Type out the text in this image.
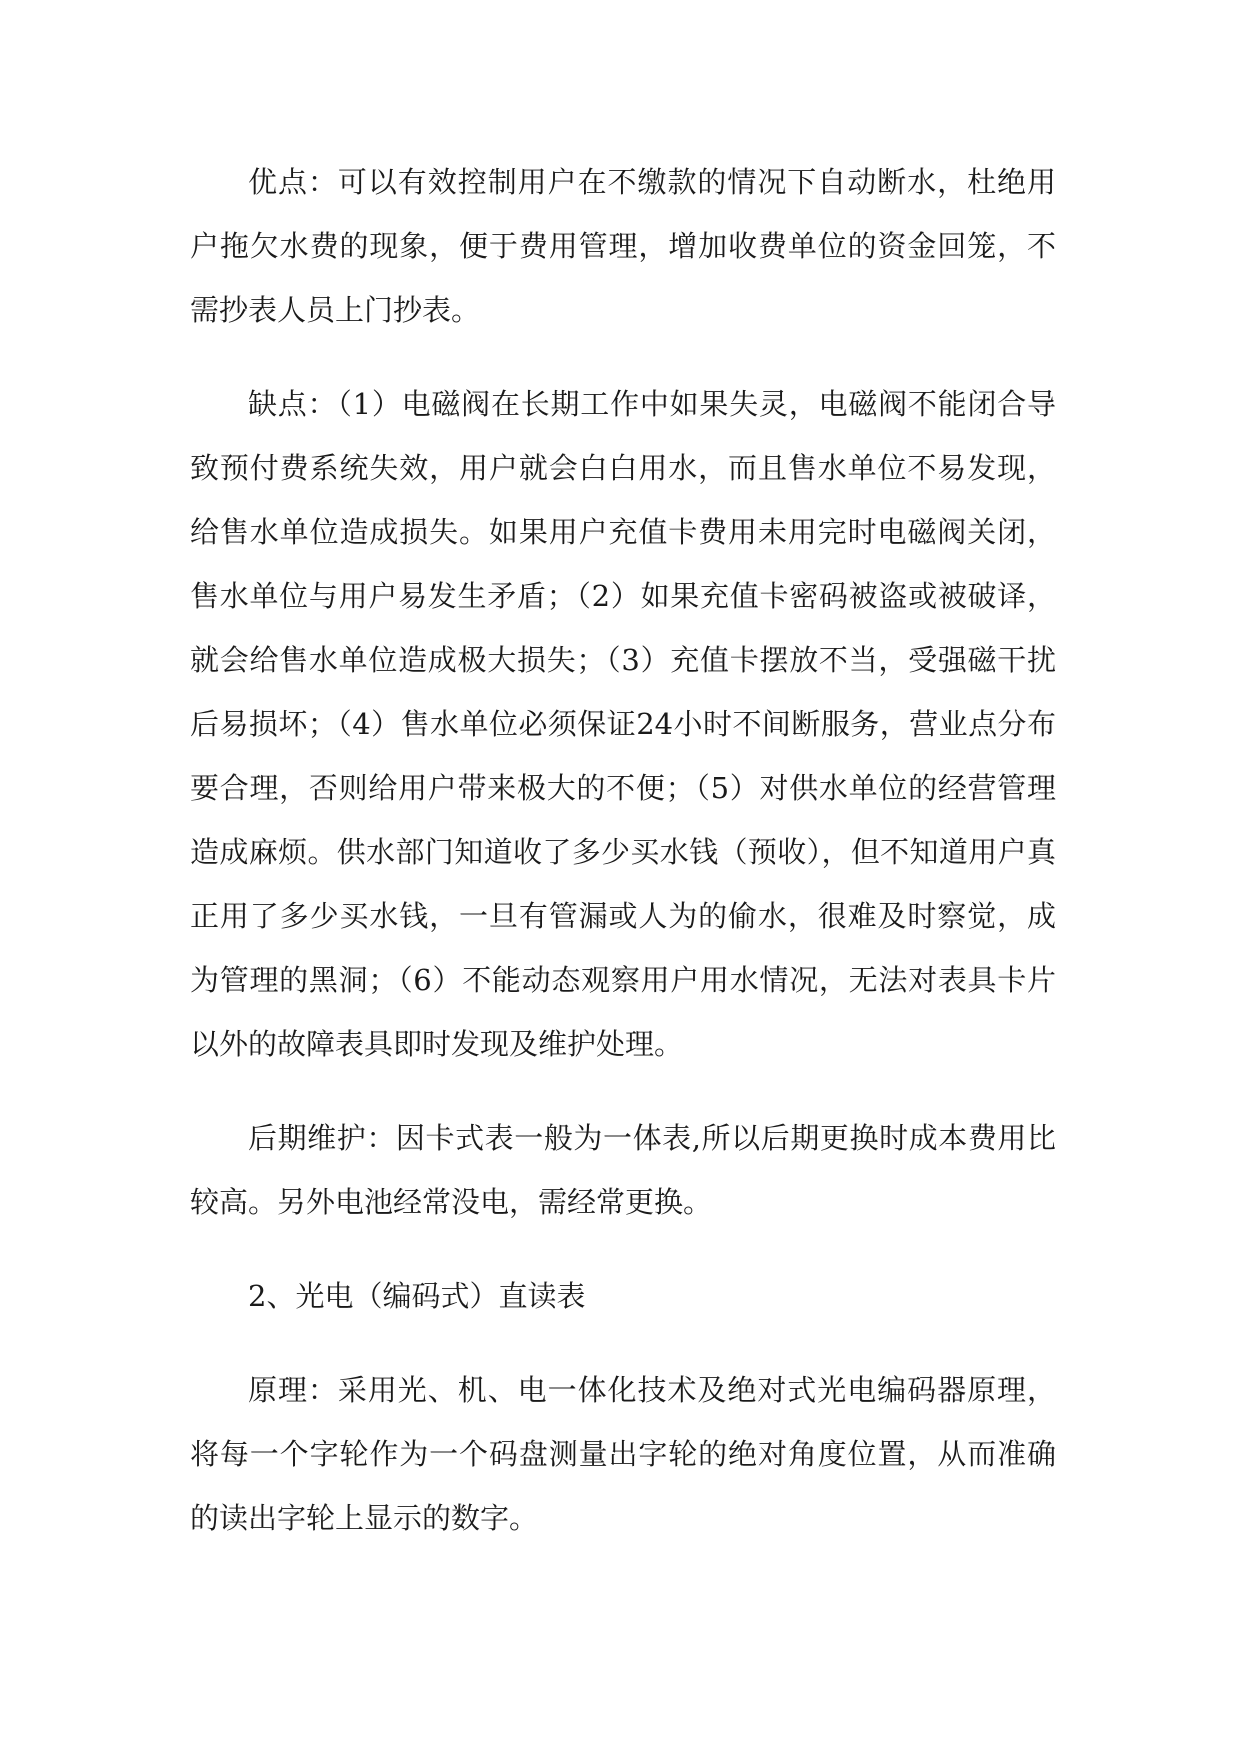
优点：可以有效控制用户在不缴款的情况下自动断水，杜绝用户拖欠水费的现象，便于费用管理，增加收费单位的资金回笼，不需抄表人员上门抄表。

缺点：（1）电磁阀在长期工作中如果失灵，电磁阀不能闭合导致预付费系统失效，用户就会白白用水，而且售水单位不易发现，给售水单位造成损失。如果用户充值卡费用未用完时电磁阀关闭，售水单位与用户易发生矛盾；（2）如果充值卡密码被盗或被破译，就会给售水单位造成极大损失；（3）充值卡摆放不当，受强磁干扰后易损坏；（4）售水单位必须保证24小时不间断服务，营业点分布要合理，否则给用户带来极大的不便；（5）对供水单位的经营管理造成麻烦。供水部门知道收了多少买水钱（预收），但不知道用户真正用了多少买水钱，一旦有管漏或人为的偷水，很难及时察觉，成为管理的黑洞；（6）不能动态观察用户用水情况，无法对表具卡片以外的故障表具即时发现及维护处理。

后期维护：因卡式表一般为一体表,所以后期更换时成本费用比较高。另外电池经常没电，需经常更换。

2、光电（编码式）直读表

原理：采用光、机、电一体化技术及绝对式光电编码器原理，将每一个字轮作为一个码盘测量出字轮的绝对角度位置，从而准确的读出字轮上显示的数字。
